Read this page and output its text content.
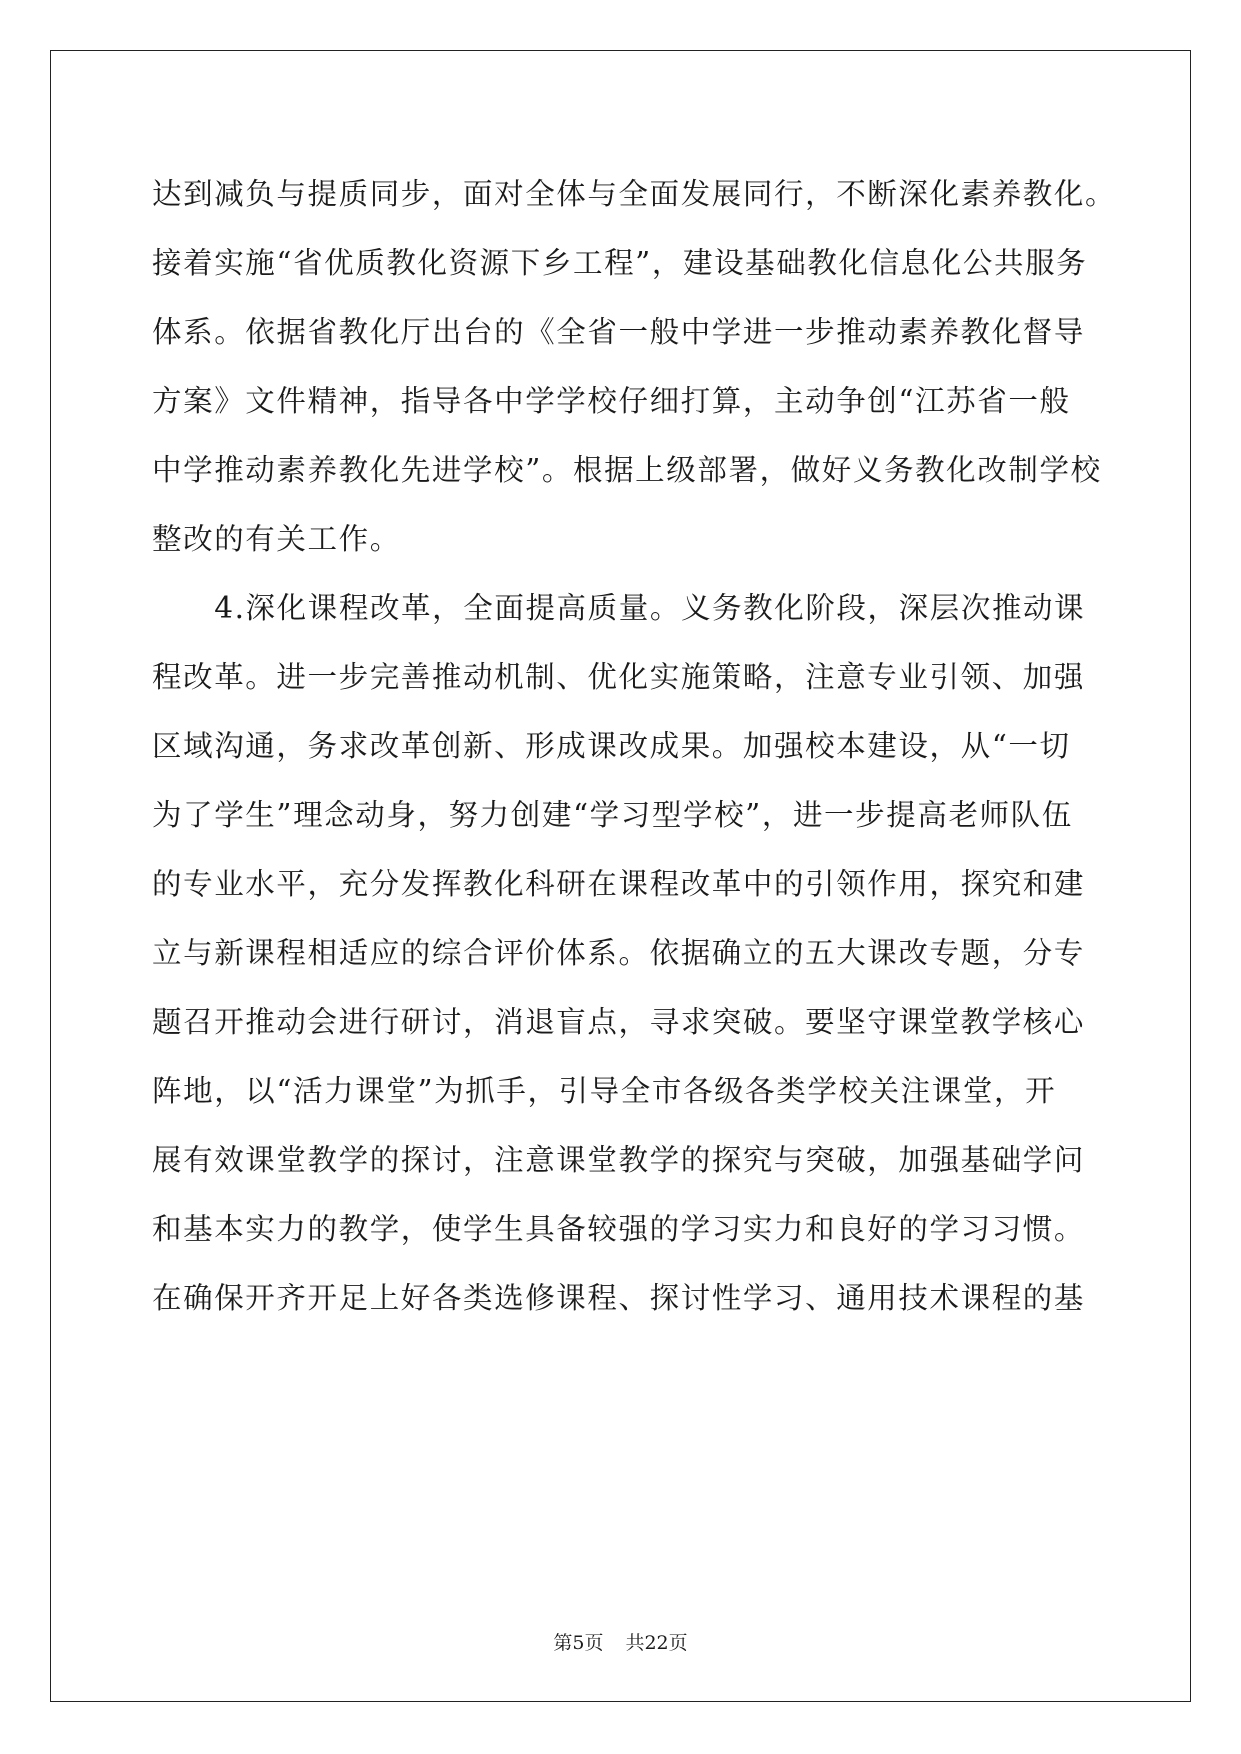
达到减负与提质同步，面对全体与全面发展同行，不断深化素养教化。

接着实施“省优质教化资源下乡工程”，建设基础教化信息化公共服务

体系。依据省教化厅出台的《全省一般中学进一步推动素养教化督导

方案》文件精神，指导各中学学校仔细打算，主动争创“江苏省一般

中学推动素养教化先进学校”。根据上级部署，做好义务教化改制学校

整改的有关工作。

　　4.深化课程改革，全面提高质量。义务教化阶段，深层次推动课

程改革。进一步完善推动机制、优化实施策略，注意专业引领、加强

区域沟通，务求改革创新、形成课改成果。加强校本建设，从“一切

为了学生”理念动身，努力创建“学习型学校”，进一步提高老师队伍

的专业水平，充分发挥教化科研在课程改革中的引领作用，探究和建

立与新课程相适应的综合评价体系。依据确立的五大课改专题，分专

题召开推动会进行研讨，消退盲点，寻求突破。要坚守课堂教学核心

阵地，以“活力课堂”为抓手，引导全市各级各类学校关注课堂，开

展有效课堂教学的探讨，注意课堂教学的探究与突破，加强基础学问

和基本实力的教学，使学生具备较强的学习实力和良好的学习习惯。

在确保开齐开足上好各类选修课程、探讨性学习、通用技术课程的基

第5页 共22页
